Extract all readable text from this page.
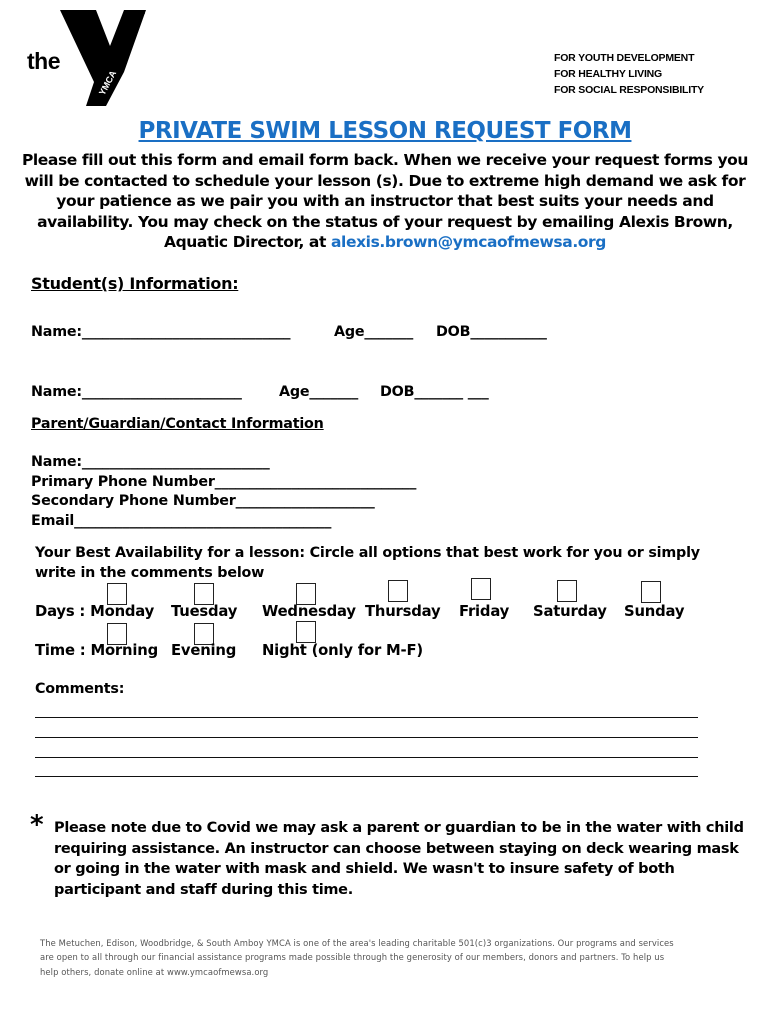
YMCA
TM
the	FOR YOUTH DEVELOPMENT
FOR HEALTHY LIVING
FOR SOCIAL RESPONSIBILITY
PRIVATE SWIM LESSON REQUEST FORM
Please fill out this form and email form back. When we receive your request forms you will be contacted to schedule your lesson (s). Due to extreme high demand we ask for your patience as we pair you with an instructor that best suits your needs and availability. You may check on the status of your request by emailing Alexis Brown, Aquatic Director, at alexis.brown@ymcaofmewsa.org
Student(s) Information:
Name:______________________________	Age_______ DOB___________
Name:_______________________	Age_______ DOB_______ ___
Parent/Guardian/Contact Information
Name:___________________________
Primary Phone Number_____________________________
Secondary Phone Number____________________
Email_____________________________________
Your Best Availability for a lesson: Circle all options that best work for you or simply write in the comments below
Days : Monday Tuesday Wednesday Thursday Friday Saturday Sunday
Time : Morning Evening Night (only for M-F)
Comments:
* Please note due to Covid we may ask a parent or guardian to be in the water with child requiring assistance. An instructor can choose between staying on deck wearing mask or going in the water with mask and shield. We wasn't to insure safety of both participant and staff during this time.
The Metuchen, Edison, Woodbridge, & South Amboy YMCA is one of the area's leading charitable 501(c)3 organizations. Our programs and services are open to all through our financial assistance programs made possible through the generosity of our members, donors and partners. To help us help others, donate online at www.ymcaofmewsa.org
